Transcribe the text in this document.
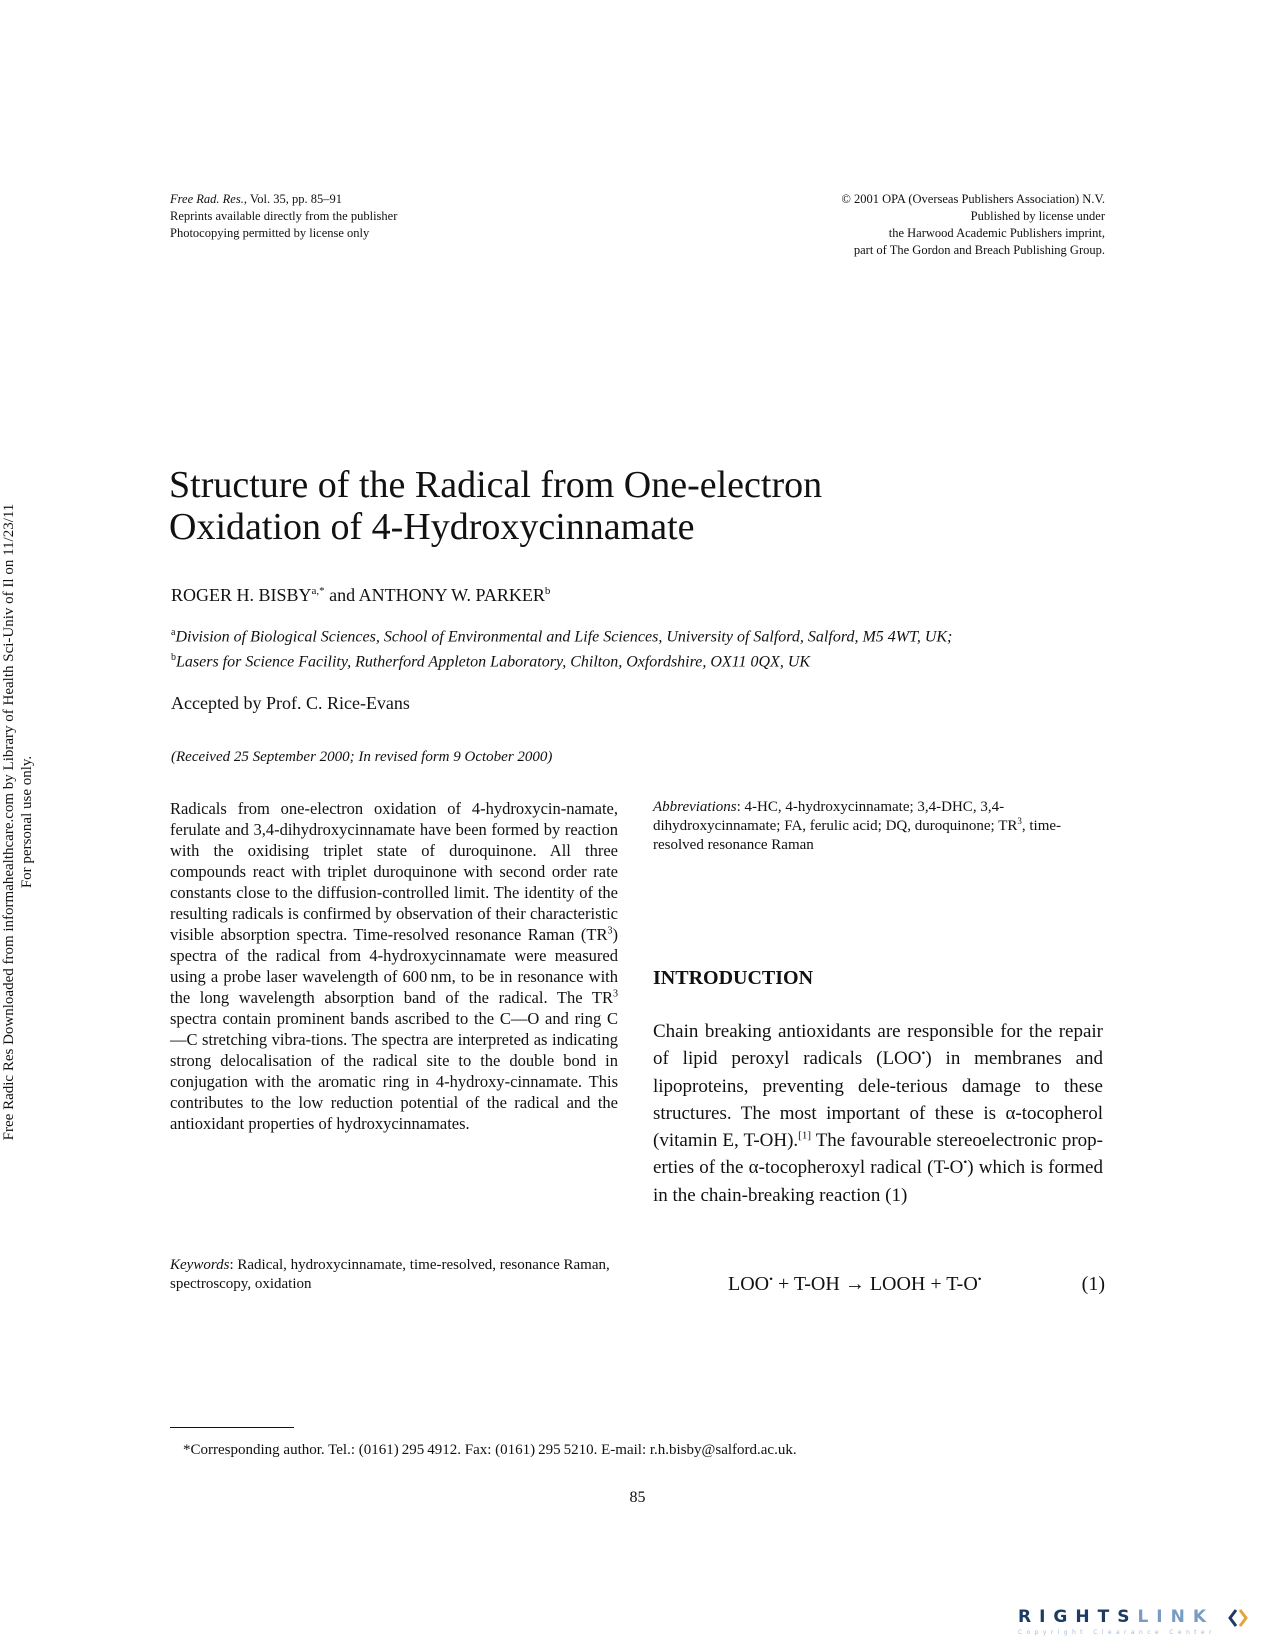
Free Rad. Res., Vol. 35, pp. 85–91
Reprints available directly from the publisher
Photocopying permitted by license only
© 2001 OPA (Overseas Publishers Association) N.V.
Published by license under
the Harwood Academic Publishers imprint,
part of The Gordon and Breach Publishing Group.
Free Radic Res Downloaded from informahealthcare.com by Library of Health Sci-Univ of Il on 11/23/11 For personal use only.
Structure of the Radical from One-electron
Oxidation of 4-Hydroxycinnamate
ROGER H. $BISBY^{a,*}$ and ANTHONY W. PARKER$^b$
$^a$Division of Biological Sciences, School of Environmental and Life Sciences, University of Salford, Salford, M5 4WT, UK;
$^b$Lasers for Science Facility, Rutherford Appleton Laboratory, Chilton, Oxfordshire, OX11 0QX, UK
Accepted by Prof. C. Rice-Evans
(Received 25 September 2000; In revised form 9 October 2000)

Radicals from one-electron oxidation of 4-hydroxycin-namate, ferulate and 3,4-dihydroxycinnamate have been formed by reaction with the oxidising triplet state of duroquinone. All three compounds react with triplet duroquinone with second order rate constants close to the diffusion-controlled limit. The identity of the resulting radicals is confirmed by observation of their characteristic visible absorption spectra. Time-resolved resonance Raman $(TR^3)$ spectra of the radical from 4-hydroxycinnamate were measured using a probe laser wavelength of 600 nm, to be in resonance with the long wavelength absorption band of the radical. The $TR^3$ spectra contain prominent bands ascribed to the C—O and ring C—C stretching vibra-tions. The spectra are interpreted as indicating strong delocalisation of the radical site to the double bond in conjugation with the aromatic ring in 4-hydroxy-cinnamate. This contributes to the low reduction potential of the radical and the antioxidant properties of hydroxycinnamates.

Keywords: Radical, hydroxycinnamate, time-resolved, resonance Raman, spectroscopy, oxidation
Abbreviations: 4-HC, 4-hydroxycinnamate; 3,4-DHC, 3,4-dihydroxycinnamate; FA, ferulic acid; DQ, duroquinone; $TR^3$, time-resolved resonance Raman
INTRODUCTION

Chain breaking antioxidants are responsible for the repair of lipid peroxyl radicals (LOO•) in membranes and lipoproteins, preventing dele-terious damage to these structures. The most important of these is α-tocopherol (vitamin E, T-OH).[1] The favourable stereoelectronic prop-erties of the α-tocopheroxyl radical (T-O•) which is formed in the chain-breaking reaction (1)

LOO• + T-OH → LOOH + T-O•	(1)
*Corresponding author. Tel.: (0161) 295 4912. Fax: (0161) 295 5210. E-mail: r.h.bisby@salford.ac.uk.
85
RIGHTSLINK
Copyright Clearance Center
